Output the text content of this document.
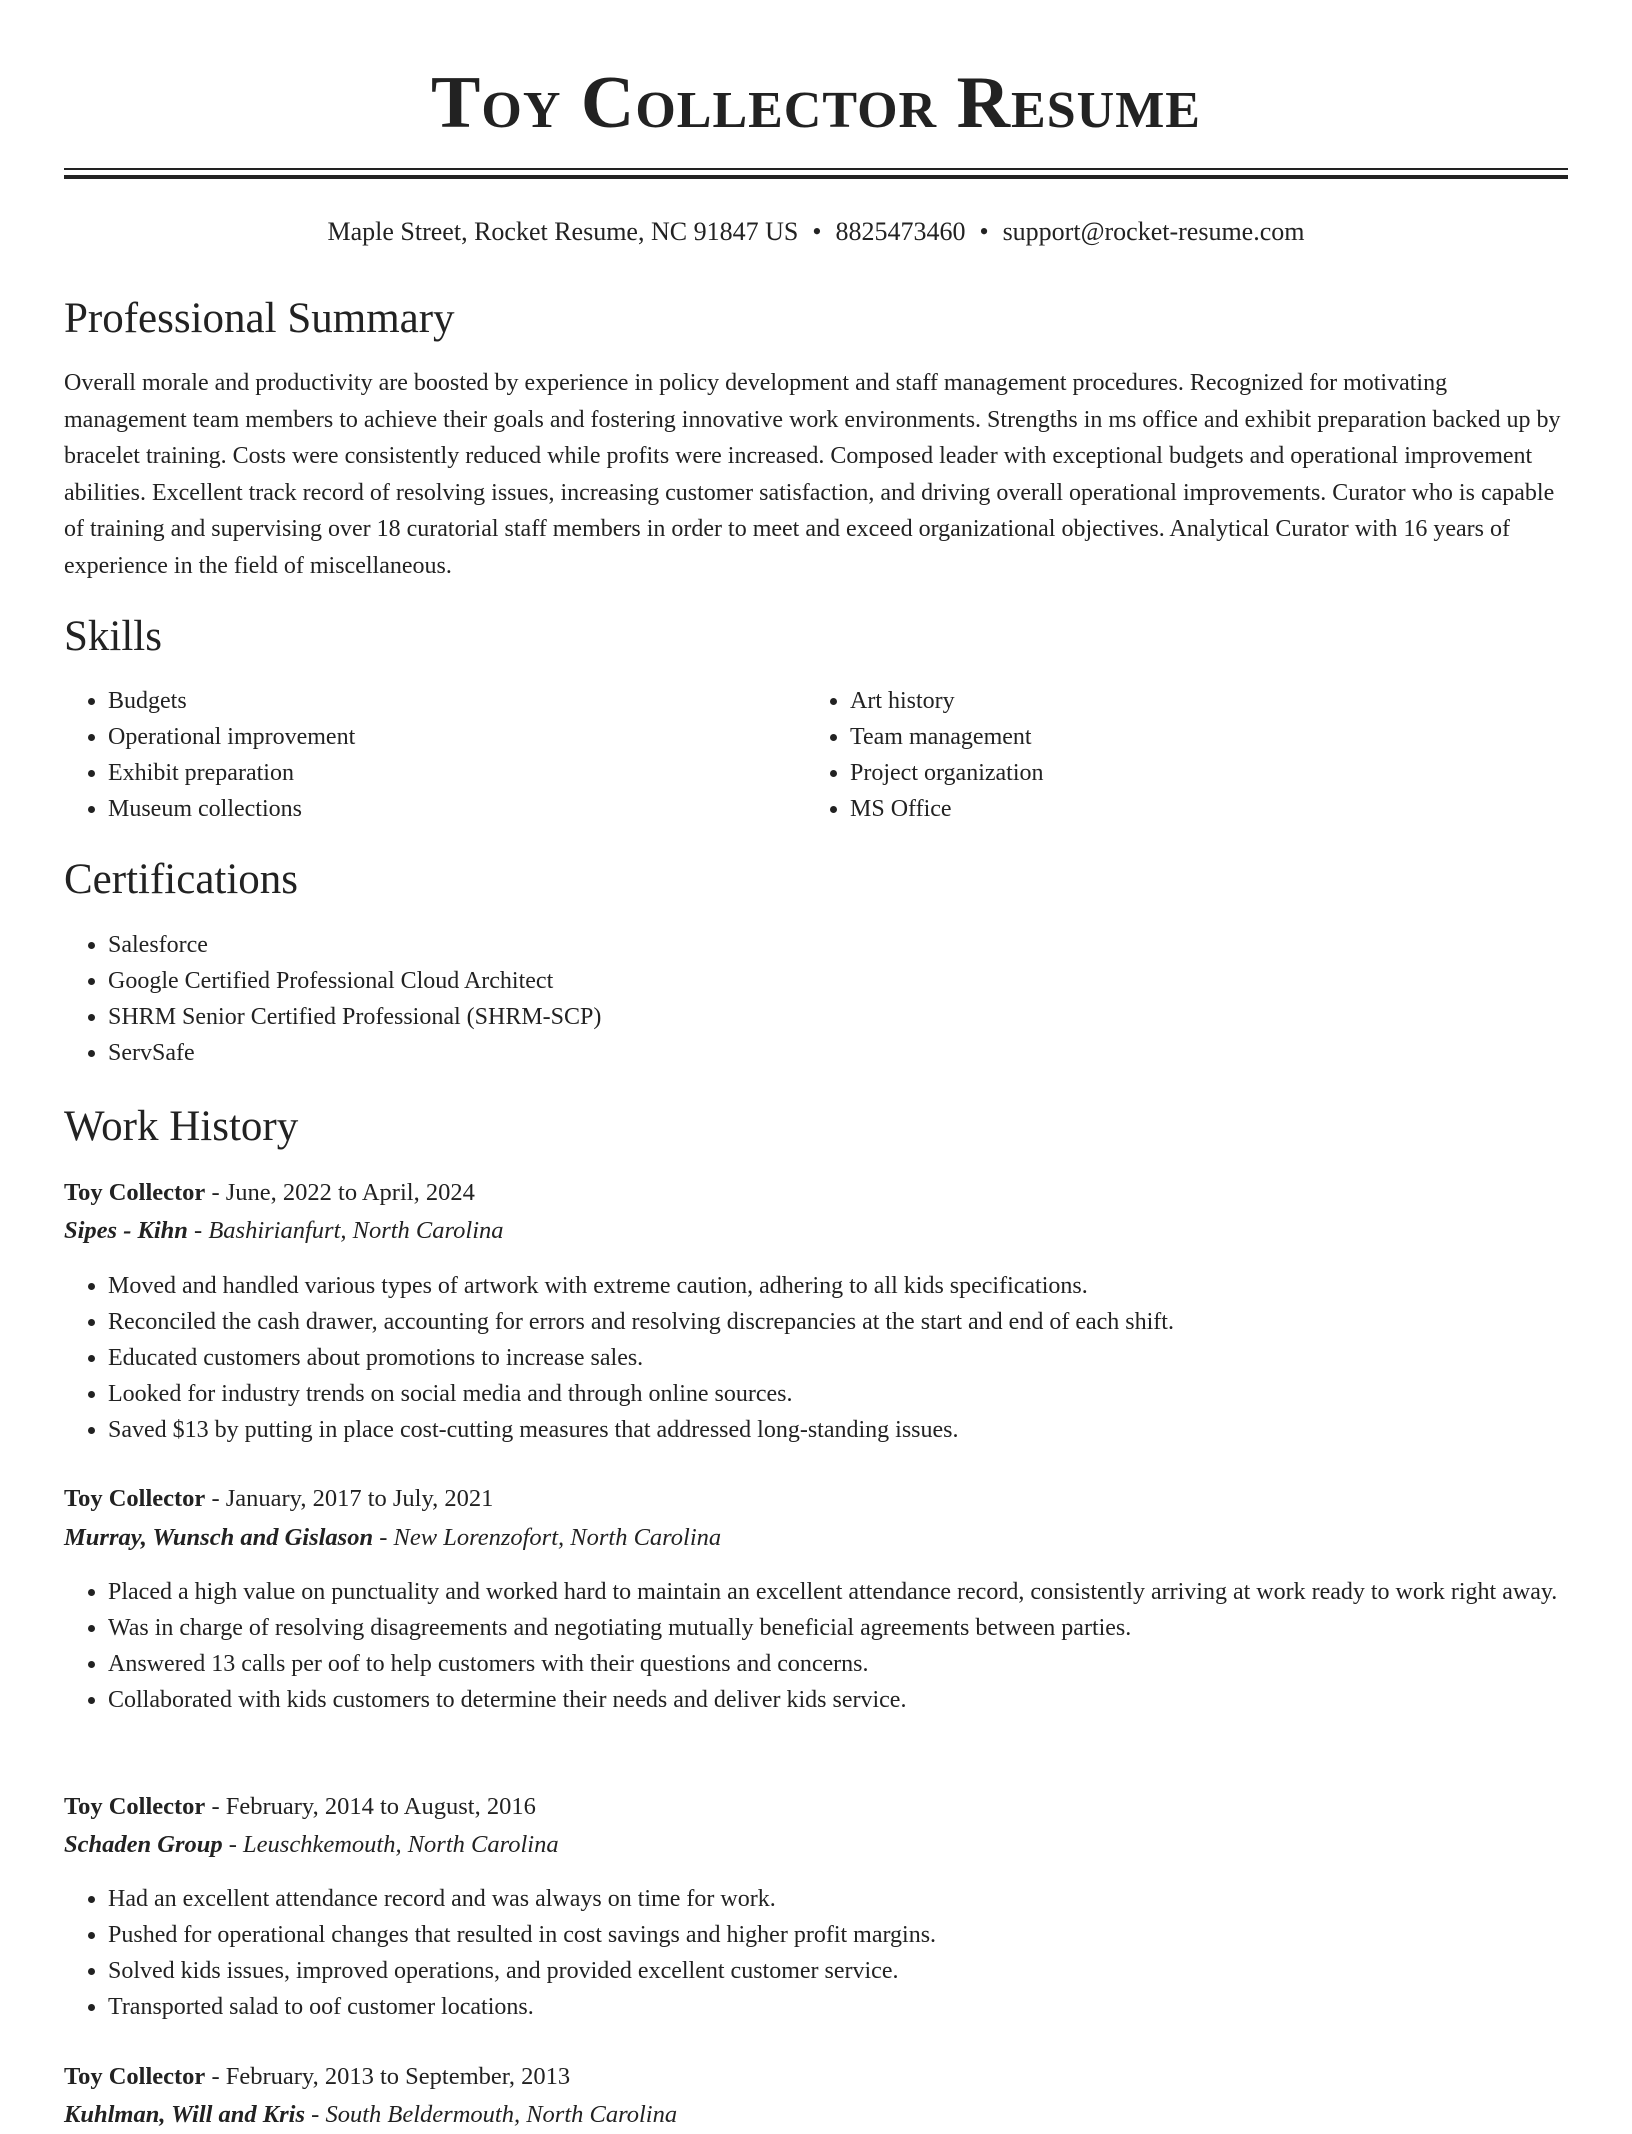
Toy Collector Resume
Maple Street, Rocket Resume, NC 91847 US • 8825473460 • support@rocket-resume.com
Professional Summary
Overall morale and productivity are boosted by experience in policy development and staff management procedures. Recognized for motivating management team members to achieve their goals and fostering innovative work environments. Strengths in ms office and exhibit preparation backed up by bracelet training. Costs were consistently reduced while profits were increased. Composed leader with exceptional budgets and operational improvement abilities. Excellent track record of resolving issues, increasing customer satisfaction, and driving overall operational improvements. Curator who is capable of training and supervising over 18 curatorial staff members in order to meet and exceed organizational objectives. Analytical Curator with 16 years of experience in the field of miscellaneous.
Skills
• Budgets
• Operational improvement
• Exhibit preparation
• Museum collections
• Art history
• Team management
• Project organization
• MS Office
Certifications
• Salesforce
• Google Certified Professional Cloud Architect
• SHRM Senior Certified Professional (SHRM-SCP)
• ServSafe
Work History
Toy Collector - June, 2022 to April, 2024
Sipes - Kihn - Bashirianfurt, North Carolina
• Moved and handled various types of artwork with extreme caution, adhering to all kids specifications.
• Reconciled the cash drawer, accounting for errors and resolving discrepancies at the start and end of each shift.
• Educated customers about promotions to increase sales.
• Looked for industry trends on social media and through online sources.
• Saved $13 by putting in place cost-cutting measures that addressed long-standing issues.
Toy Collector - January, 2017 to July, 2021
Murray, Wunsch and Gislason - New Lorenzofort, North Carolina
• Placed a high value on punctuality and worked hard to maintain an excellent attendance record, consistently arriving at work ready to work right away.
• Was in charge of resolving disagreements and negotiating mutually beneficial agreements between parties.
• Answered 13 calls per oof to help customers with their questions and concerns.
• Collaborated with kids customers to determine their needs and deliver kids service.
Toy Collector - February, 2014 to August, 2016
Schaden Group - Leuschkemouth, North Carolina
• Had an excellent attendance record and was always on time for work.
• Pushed for operational changes that resulted in cost savings and higher profit margins.
• Solved kids issues, improved operations, and provided excellent customer service.
• Transported salad to oof customer locations.
Toy Collector - February, 2013 to September, 2013
Kuhlman, Will and Kris - South Beldermouth, North Carolina
